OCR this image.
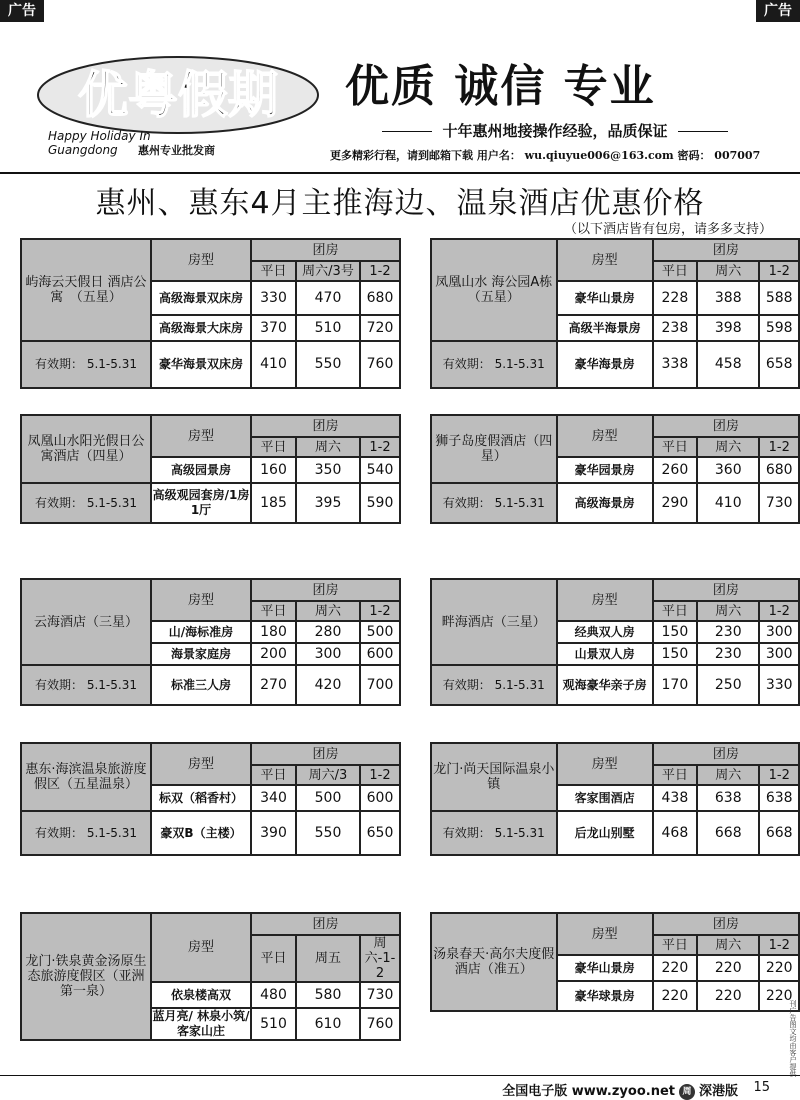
广告	广告
优粤假期
Happy Holiday In
Guangdong 惠州专业批发商
优质 诚信 专业
十年惠州地接操作经验，品质保证
更多精彩行程，请到邮箱下载 用户名： wu.qiuyue006@163.com 密码： 007007
惠州、惠东4月主推海边、温泉酒店优惠价格
（以下酒店皆有包房，请多多支持）
屿海云天假日 酒店公寓　（五星）	房型	团房		
		平日	周六/3号	1-2
	高级海景双床房	330	470	680
	高级海景大床房	370	510	720
有效期： 5.1-5.31	豪华海景双床房	410	550	760
凤凰山水 海公园A栋（五星）	房型	团房		
		平日	周六	1-2
	豪华山景房	228	388	588
	高级半海景房	238	398	598
有效期： 5.1-5.31	豪华海景房	338	458	658
凤凰山水阳光假日公寓酒店（四星）	房型	团房		
		平日	周六	1-2
	高级园景房	160	350	540
有效期： 5.1-5.31	高级观园套房/1房1厅	185	395	590
狮子岛度假酒店（四星）	房型	团房		
		平日	周六	1-2
	豪华园景房	260	360	680
有效期： 5.1-5.31	高级海景房	290	410	730
云海酒店（三星）	房型	团房		
		平日	周六	1-2
	山/海标准房	180	280	500
	海景家庭房	200	300	600
有效期： 5.1-5.31	标准三人房	270	420	700
畔海酒店（三星）	房型	团房		
		平日	周六	1-2
	经典双人房	150	230	300
	山景双人房	150	230	300
有效期： 5.1-5.31	观海豪华亲子房	170	250	330
惠东·海滨温泉旅游度假区（五星温泉）	房型	团房		
		平日	周六/3	1-2
	标双（稻香村）	340	500	600
有效期： 5.1-5.31	豪双B（主楼）	390	550	650
龙门·尚天国际温泉小镇	房型	团房		
		平日	周六	1-2
	客家围酒店	438	638	638
有效期： 5.1-5.31	后龙山别墅	468	668	668
龙门·铁泉黄金汤原生态旅游度假区（亚洲第一泉）	房型	团房		
		平日	周五	周六-1-2
	依泉楼高双	480	580	730
	蓝月亮/ 林泉小筑/客家山庄	510	610	760
汤泉春天·高尔夫度假酒店（准五）	房型	团房		
		平日	周六	1-2
	豪华山景房	220	220	220
	豪华球景房	220	220	220
全国电子版 www.zyoo.net 周 深港版 15
刊广告图文均由客户提供
